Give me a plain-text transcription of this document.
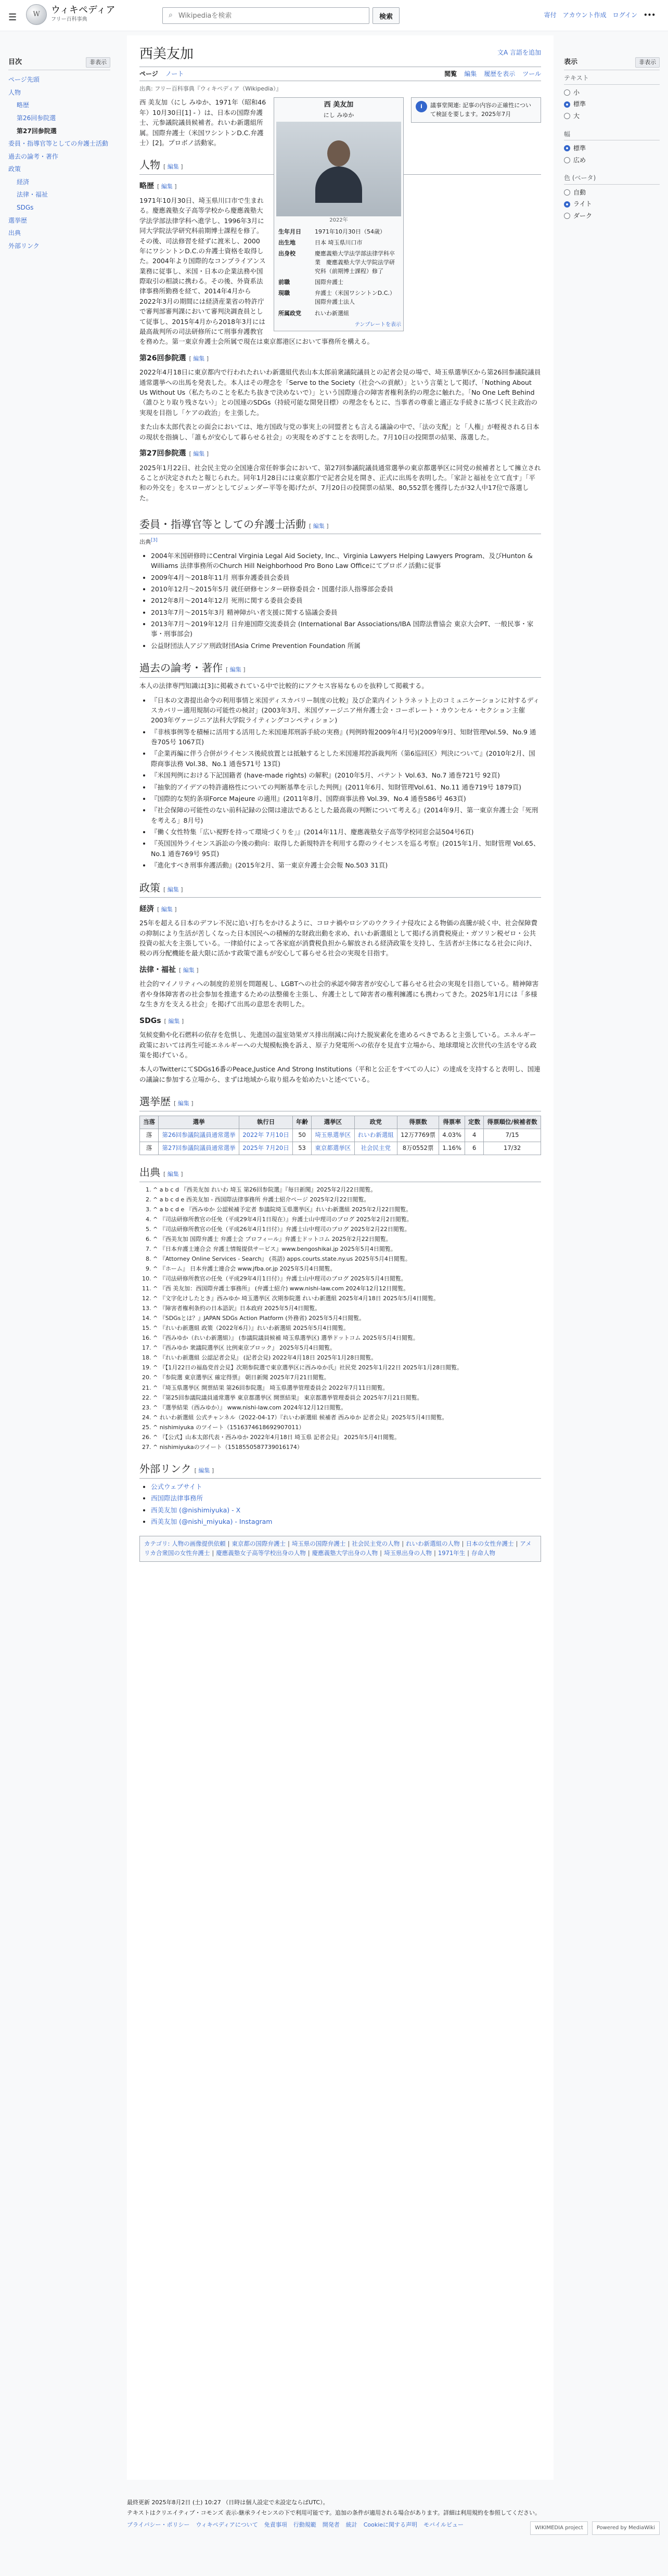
☰	W	ウィキペディア
フリー百科事典
⌕
Wikipediaを検索	検索	寄付 アカウント作成 ログイン •••
目次	非表示
ページ先頭
人物
略歴
第26回参院選
第27回参院選
委員・指導官等としての弁護士活動
過去の論考・著作
政策
経済
法律・福祉
SDGs
選挙歴
出典
外部リンク
表示	非表示
テキスト
小
標準
大
幅
標準
広め
色 (ベータ)
自動
ライト
ダーク
西美友加	文A 言語を追加
ページ ノート	閲覧 編集 履歴を表示 ツール
出典: フリー百科事典『ウィキペディア（Wikipedia）』
i	議事堂関連: 記事の内容の正確性について検証を要します。2025年7月
西 美友加
にし みゆか
2022年
生年月日	1971年10月30日（54歳）
出生地	日本 埼玉県川口市
出身校	慶應義塾大学法学部法律学科卒業　慶應義塾大学大学院法学研究科（前期博士課程）修了
前職	国際弁護士
現職	弁護士（米国ワシントンD.C.）　国際弁護士法人
所属政党	れいわ新選組
テンプレートを表示

西 美友加（にし みゆか、1971年（昭和46年）10月30日[1] - ）は、日本の国際弁護士、元参議院議員候補者。れいわ新選組所属。国際弁護士（米国ワシントンD.C.弁護士）[2]。プロボノ活動家。

人物 [ 編集 ]
略歴 [ 編集 ]

1971年10月30日、埼玉県川口市で生まれる。慶應義塾女子高等学校から慶應義塾大学法学部法律学科へ進学し、1996年3月に同大学院法学研究科前期博士課程を修了。その後、司法修習を経ずに渡米し、2000年にワシントンD.C.の弁護士資格を取得した。2004年より国際的なコンプライアンス業務に従事し、米国・日本の企業法務や国際取引の相談に携わる。その後、外資系法律事務所勤務を経て、2014年4月から2022年3月の期間には経済産業省の特許庁で審判部審判課において審判決調査員として従事し、2015年4月から2018年3月には最高裁判所の司法研修所にて刑事弁護教官を務めた。第一東京弁護士会所属で現在は東京都港区において事務所を構える。

第26回参院選 [ 編集 ]

2022年4月18日に東京都内で行われたれいわ新選組代表山本太郎前衆議院議員との記者会見の場で、埼玉県選挙区から第26回参議院議員通常選挙への出馬を発表した。本人はその理念を「Serve to the Society（社会への貢献）」という言葉として掲げ、「Nothing About Us Without Us（私たちのことを私たち抜きで決めないで）」という国際連合の障害者権利条約の理念に触れた。「No One Left Behind（誰ひとり取り残さない）」との国連のSDGs（持続可能な開発目標）の理念をもとに、当事者の尊重と適正な手続きに基づく民主政治の実現を目指し「ケアの政治」を主張した。

また山本太郎代表との面会においては、地方国政与党の事実上の同盟者とも言える議論の中で、「法の支配」と「人権」が軽視される日本の現状を指摘し、「誰もが安心して暮らせる社会」の実現をめざすことを表明した。7月10日の投開票の結果、落選した。

第27回参院選 [ 編集 ]

2025年1月22日、社会民主党の全国連合常任幹事会において、第27回参議院議員通常選挙の東京都選挙区に同党の候補者として擁立されることが決定されたと報じられた。同年1月28日には東京都庁で記者会見を開き、正式に出馬を表明した。「家計と福祉を立て直す」「平和の外交を」をスローガンとしてジェンダー平等を掲げたが、7月20日の投開票の結果、80,552票を獲得したが32人中17位で落選した。

委員・指導官等としての弁護士活動 [ 編集 ]

出典[3]

• 2004年米国研修時にCentral Virginia Legal Aid Society, Inc.、Virginia Lawyers Helping Lawyers Program、及びHunton & Williams 法律事務所のChurch Hill Neighborhood Pro Bono Law Officeにてプロボノ活動に従事
• 2009年4月〜2018年11月 刑事弁護委員会委員
• 2010年12月〜2015年5月 就任研修センター研修委員会・国選付添人指導部会委員
• 2012年8月〜2014年12月 死刑に関する委員会委員
• 2013年7月〜2015年3月 精神障がい者支援に関する協議会委員
• 2013年7月〜2019年12月 日弁連国際交流委員会 (International Bar Associations/IBA 国際法曹協会 東京大会PT、一般民事・家事・刑事部会)
• 公益財団法人アジア刑政財団Asia Crime Prevention Foundation 所属
過去の論考・著作 [ 編集 ]

本人の法律専門知識は[3]に掲載されている中で比較的にアクセス容易なものを抜粋して掲載する。

• 『日本の文書提出命令の利用事情と米国ディスカバリー制度の比較』及び企業内イントラネット上のコミュニケーションに対するディスカバリー適用規制の可能性の検討」(2003年3月、米国ヴァージニア州弁護士会・コーポレート・カウンセル・セクション主催 2003年ヴァージニア法科大学院ライティングコンペティション)
• 『非核事例等を積極に活用する活用した米国連邦刑訴手続の実務』(判例時報2009年4月号)(2009年9月、知財管理Vol.59、No.9 通巻705号 1067頁)
• 『企業再編に伴う合併がライセンス後続放置とは抵触するとした米国連邦控訴裁判所（第6巡回区）判決について』(2010年2月、国際商事法務 Vol.38、No.1 通巻571号 13頁)
• 『米国判例における下記国籍者 (have-made rights) の解釈』(2010年5月、パテント Vol.63、No.7 通巻721号 92頁)
• 『抽象的アイデアの特許適格性についての判断基準を示した判例』(2011年6月、知財管理Vol.61、No.11 通巻719号 1879頁)
• 『国際的な契約条項Force Majeure の適用』(2011年8月、国際商事法務 Vol.39、No.4 通巻586号 463頁)
• 『社会保障の可能性のない前科記録の公開は違法であるとした最高裁の判断について考える』(2014年9月、第一東京弁護士会「死刑を考える」8月号)
• 『働く女性特集「広い視野を持って環境づくりを」』(2014年11月、慶應義塾女子高等学校同窓会誌504号6頁)
• 『英国国外ライセンス訴訟の今後の動向：取得した新規特許を利用する際のライセンスを巡る考察』(2015年1月、知財管理 Vol.65、No.1 通巻769号 95頁)
• 『進化すべき刑事弁護活動』(2015年2月、第一東京弁護士会会報 No.503 31頁)
政策 [ 編集 ]
経済 [ 編集 ]

25年を超える日本のデフレ不況に追い打ちをかけるように、コロナ禍やロシアのウクライナ侵攻による物価の高騰が続く中、社会保障費の抑制により生活が苦しくなった日本国民への積極的な財政出動を求め、れいわ新選組として掲げる消費税廃止・ガソリン税ゼロ・公共投資の拡大を主張している。一律給付によって各家庭が消費税負担から解放される経済政策を支持し、生活者が主体になる社会に向け、税の再分配機能を最大限に活かす政策で誰もが安心して暮らせる社会の実現を目指す。

法律・福祉 [ 編集 ]

社会的マイノリティへの制度的差別を問題視し、LGBTへの社会的承認や障害者が安心して暮らせる社会の実現を目指している。精神障害者や身体障害者の社会参加を推進するための法整備を主張し、弁護士として障害者の権利擁護にも携わってきた。2025年1月には「多様な生き方を支える社会」を掲げて出馬の意思を表明した。

SDGs [ 編集 ]

気候変動や化石燃料の依存を危惧し、先進国の温室効果ガス排出削減に向けた脱炭素化を進めるべきであると主張している。エネルギー政策においては再生可能エネルギーへの大規模転換を訴え、原子力発電所への依存を見直す立場から、地球環境と次世代の生活を守る政策を掲げている。

本人のTwitterにてSDGs16番のPeace,Justice And Strong Institutions（平和と公正をすべての人に）の達成を支持すると表明し、国連の議論に参加する立場から、まずは地域から取り組みを始めたいと述べている。

選挙歴 [ 編集 ]
当落	選挙	執行日	年齢	選挙区	政党	得票数	得票率	定数	得票順位/候補者数
落	第26回参議院議員通常選挙	2022年 7月10日	50	埼玉県選挙区	れいわ新選組	12万7769票	4.03%	4	7/15
落	第27回参議院議員通常選挙	2025年 7月20日	53	東京都選挙区	社会民主党	8万0552票	1.16%	6	17/32
出典 [ 編集 ]
1. ^ a b c d 『西美友加 れいわ 埼玉 第26回参院選』『毎日新聞』2025年2月22日閲覧。
2. ^ a b c d e 西美友加 - 西国際法律事務所 弁護士紹介ページ 2025年2月22日閲覧。
3. ^ a b c d e 『西みゆか 公認候補予定者 参議院埼玉県選挙区』れいわ新選組 2025年2月22日閲覧。
4. ^ 『司法研修所教官の任免（平成29年4月1日現在）』弁護士山中理司のブログ 2025年2月2日閲覧。
5. ^ 『司法研修所教官の任免（平成26年4月1日付）』弁護士山中理司のブログ 2025年2月22日閲覧。
6. ^ 『西美友加 国際弁護士 弁護士会 プロフィール』弁護士ドットコム 2025年2月22日閲覧。
7. ^ 『日本弁護士連合会 弁護士情報提供サービス』www.bengoshikai.jp 2025年5月4日閲覧。
8. ^ 『Attorney Online Services - Search』 (英語) apps.courts.state.ny.us 2025年5月4日閲覧。
9. ^ 『ホーム』 日本弁護士連合会 www.jfba.or.jp 2025年5月4日閲覧。
10. ^ 『司法研修所教官の任免（平成29年4月1日付）』弁護士山中理司のブログ 2025年5月4日閲覧。
11. ^ 『西 美友加：西国際弁護士事務所』 (弁護士紹介) www.nishi-law.com 2024年12月12日閲覧。
12. ^ 『文字化けしたとき』西みゆか 埼玉選挙区 次期参院選 れいわ新選組 2025年4月18日 2025年5月4日閲覧。
13. ^ 『障害者権利条約の日本語訳』日本政府 2025年5月4日閲覧。
14. ^ 『SDGsとは？』JAPAN SDGs Action Platform (外務省) 2025年5月4日閲覧。
15. ^ 『れいわ新選組 政策（2022年6月）』れいわ新選組 2025年5月4日閲覧。
16. ^ 『西みゆか（れいわ新選組）』 (参議院議員候補 埼玉県選挙区) 選挙ドットコム 2025年5月4日閲覧。
17. ^ 『西みゆか 衆議院選挙区 比例東京ブロック』 2025年5月4日閲覧。
18. ^ 『れいわ新選組 公認記者会見』 (記者会見) 2022年4月18日 2025年1月28日閲覧。
19. ^ 『【1月22日の福島党首会見】次期参院選で東京選挙区に西みゆか氏』社民党 2025年1月22日 2025年1月28日閲覧。
20. ^ 『参院選 東京選挙区 確定得票』 朝日新聞 2025年7月21日閲覧。
21. ^ 『埼玉県選挙区 開票結果 第26回参院選』 埼玉県選挙管理委員会 2022年7月11日閲覧。
22. ^ 『第25回参議院議員通常選挙 東京都選挙区 開票結果』 東京都選挙管理委員会 2025年7月21日閲覧。
23. ^ 『選挙結果（西みゆか）』 www.nishi-law.com 2024年12月12日閲覧。
24. ^ れいわ新選組 公式チャンネル（2022-04-17）『れいわ新選組 候補者 西みゆか 記者会見』2025年5月4日閲覧。
25. ^ nishimiyuka のツイート（1516374618692907011）
26. ^ 『【公式】山本太郎代表・西みゆか 2022年4月18日 埼玉県 記者会見』 2025年5月4日閲覧。
27. ^ nishimiyukaのツイート（1518550587739016174）
外部リンク [ 編集 ]
• 公式ウェブサイト
• 西国際法律事務所
• 西美友加 (@nishimiyuka) - X
• 西美友加 (@nishi_miyuka) - Instagram
カテゴリ: 人物の画像提供依頼 | 東京都の国際弁護士 | 埼玉県の国際弁護士 | 社会民主党の人物 | れいわ新選組の人物 | 日本の女性弁護士 | アメリカ合衆国の女性弁護士 | 慶應義塾女子高等学校出身の人物 | 慶應義塾大学出身の人物 | 埼玉県出身の人物 | 1971年生 | 存命人物

最終更新 2025年8月2日 (土) 10:27 （日時は個人設定で未設定ならばUTC）。

テキストはクリエイティブ・コモンズ 表示-継承ライセンスの下で利用可能です。追加の条件が適用される場合があります。詳細は利用規約を参照してください。

プライバシー・ポリシー ウィキペディアについて 免責事項 行動規範 開発者 統計 Cookieに関する声明 モバイルビュー	WIKIMEDIA project	Powered by MediaWiki
